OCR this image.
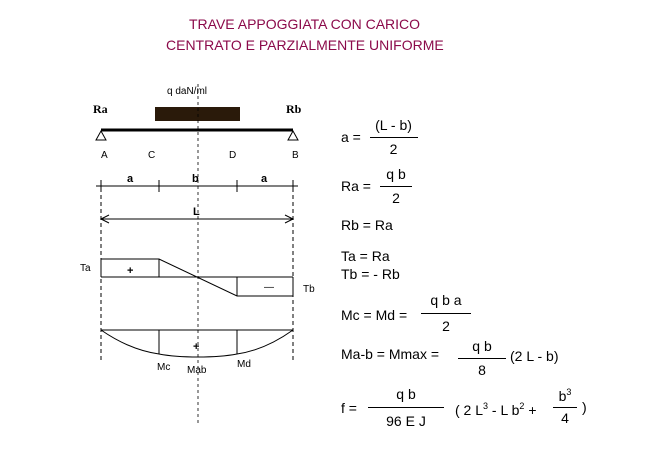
TRAVE APPOGGIATA CON CARICO
CENTRATO E PARZIALMENTE UNIFORME
q daN/ml
Ra	Rb
A	C	D	B
a	b	a
L
Ta
Tb
+
—
+
Mc Mab
Md
a =
(L - b)
2
Ra =
q b
2
Rb = Ra
Ta = Ra
Tb = - Rb
Mc = Md =
q b a
2
Ma-b = Mmax =	q b
8
(2 L - b)
f =
q b
96 E J
( 2 $L^3$ - L $b^2$ +
$b^3$
4
)
